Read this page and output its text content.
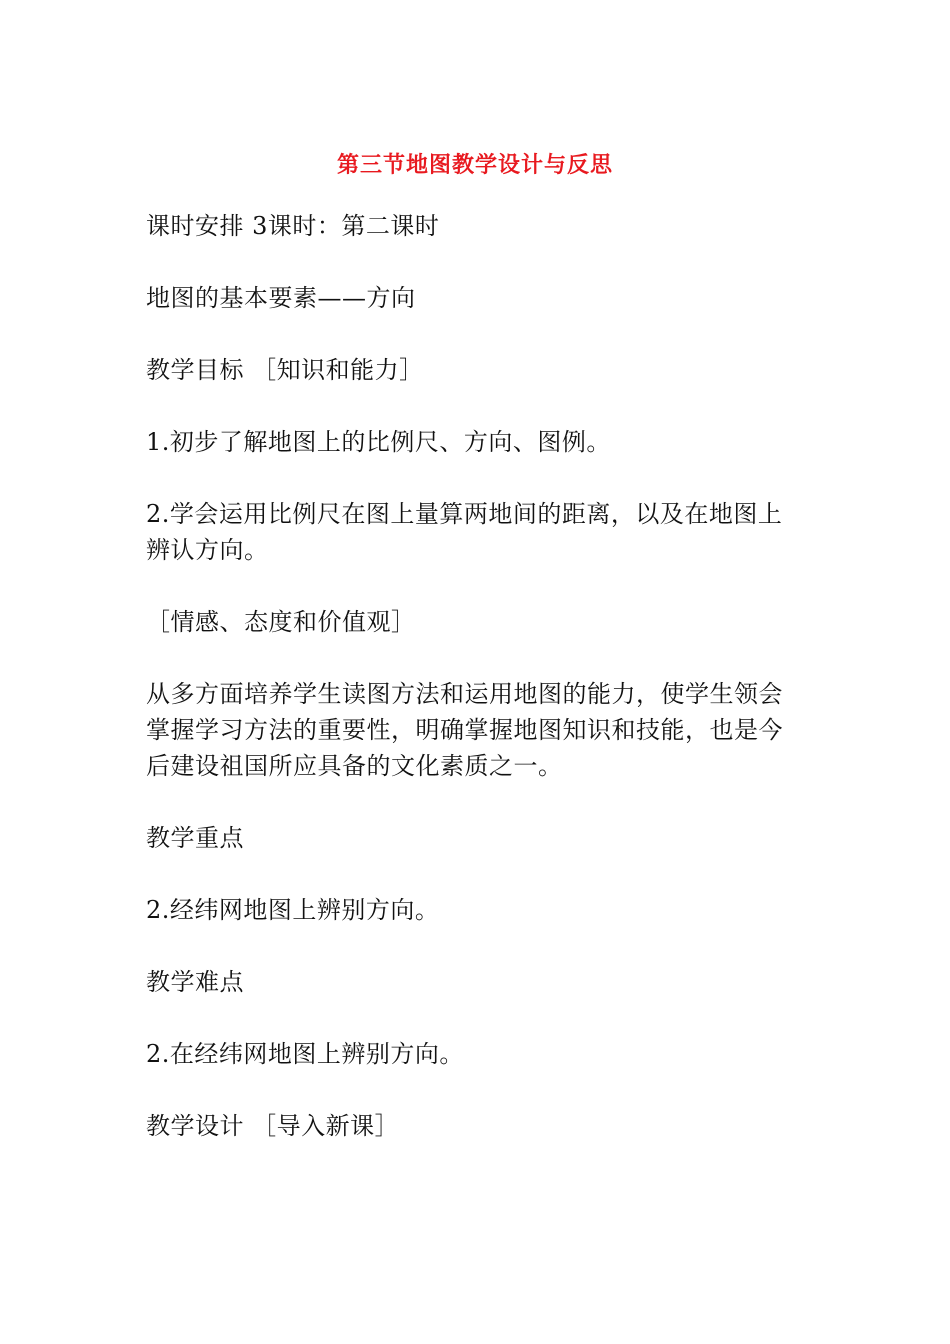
第三节地图教学设计与反思

课时安排 3课时：第二课时

地图的基本要素——方向

教学目标 ［知识和能力］

1.初步了解地图上的比例尺、方向、图例。

2.学会运用比例尺在图上量算两地间的距离，以及在地图上辨认方向。

［情感、态度和价值观］

从多方面培养学生读图方法和运用地图的能力，使学生领会掌握学习方法的重要性，明确掌握地图知识和技能，也是今后建设祖国所应具备的文化素质之一。

教学重点

2.经纬网地图上辨别方向。

教学难点

2.在经纬网地图上辨别方向。

教学设计 ［导入新课］
